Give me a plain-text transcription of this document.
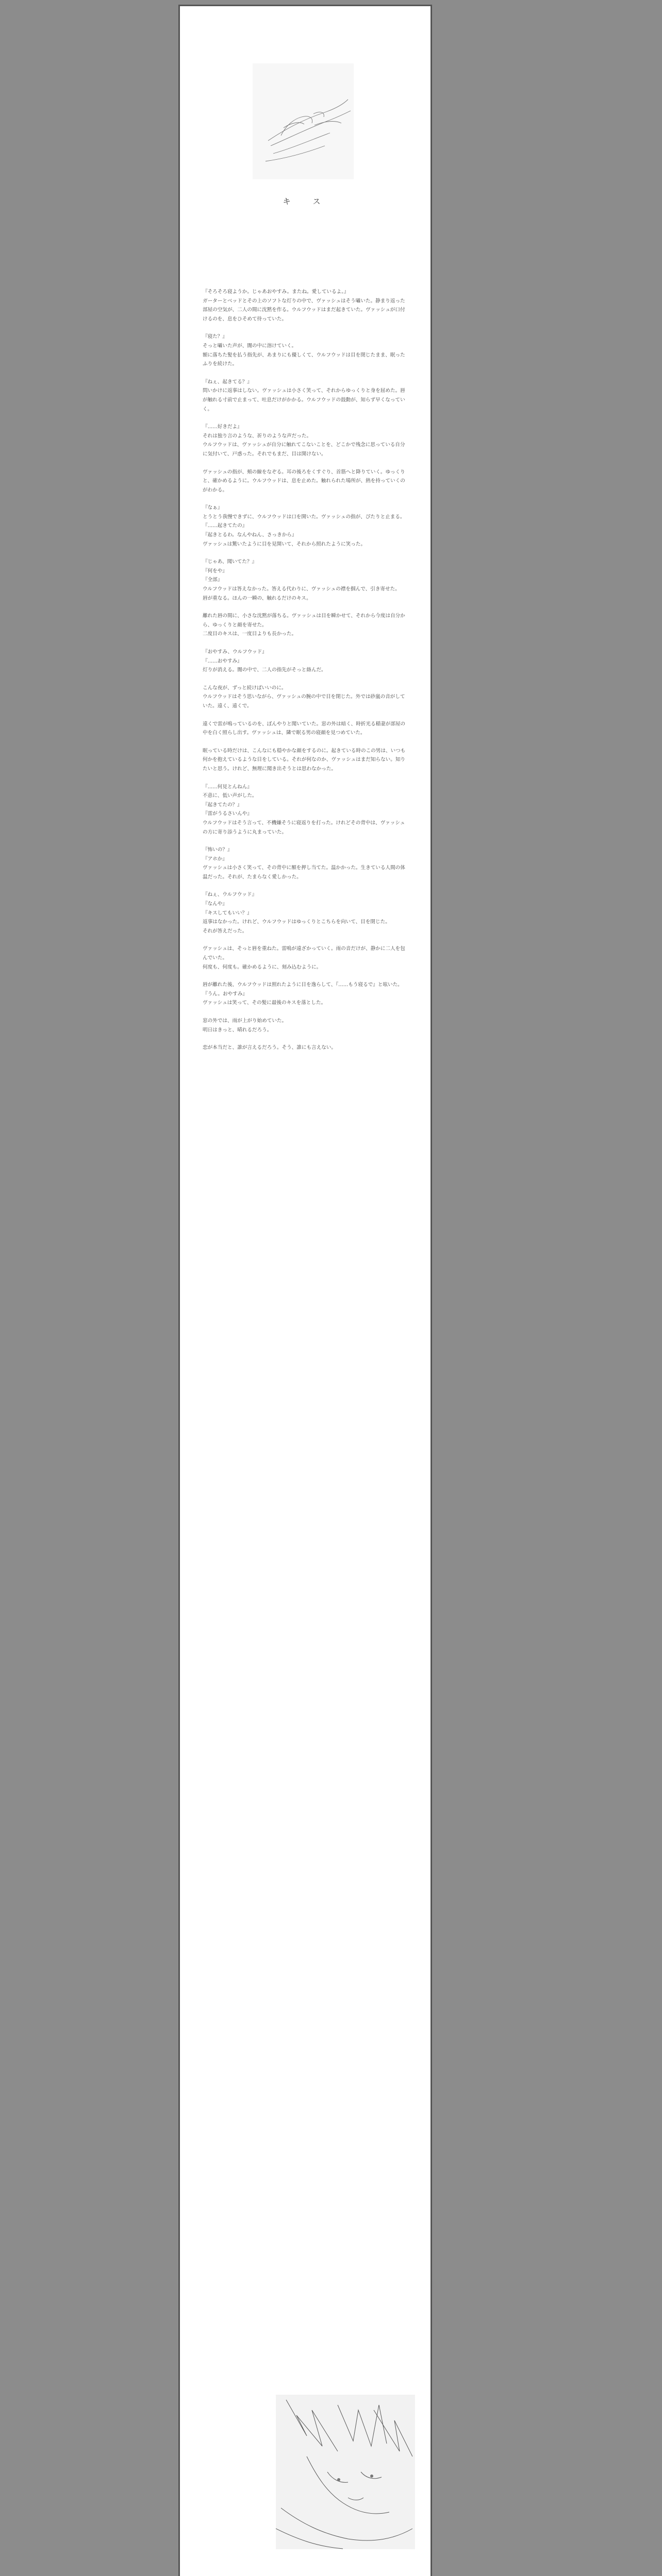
キ　ス

『そろそろ寝ようか。じゃあおやすみ。またね。愛しているよ。』
ガーターとベッドとその上のソフトな灯りの中で、ヴァッシュはそう囁いた。静まり返った部屋の空気が、二人の間に沈黙を作る。ウルフウッドはまだ起きていた。ヴァッシュが口付けるのを、息をひそめて待っていた。

『寝た？』
そっと囁いた声が、闇の中に溶けていく。
額に落ちた髪を払う指先が、あまりにも優しくて、ウルフウッドは目を閉じたまま、眠ったふりを続けた。

『ねぇ、起きてる？』
問いかけに返事はしない。ヴァッシュは小さく笑って、それからゆっくりと身を屈めた。唇が触れる寸前で止まって、吐息だけがかかる。ウルフウッドの鼓動が、知らず早くなっていく。

『……好きだよ』
それは独り言のような、祈りのような声だった。
ウルフウッドは、ヴァッシュが自分に触れてこないことを、どこかで残念に思っている自分に気付いて、戸惑った。それでもまだ、目は開けない。

ヴァッシュの指が、頬の線をなぞる。耳の後ろをくすぐり、首筋へと降りていく。ゆっくりと、確かめるように。ウルフウッドは、息を止めた。触れられた場所が、熱を持っていくのがわかる。

『なぁ』
とうとう我慢できずに、ウルフウッドは口を開いた。ヴァッシュの指が、ぴたりと止まる。
『……起きてたの』
『起きとるわ。なんやねん、さっきから』
ヴァッシュは驚いたように目を見開いて、それから照れたように笑った。

『じゃあ、聞いてた？』
『何をや』
『全部』
ウルフウッドは答えなかった。答える代わりに、ヴァッシュの襟を掴んで、引き寄せた。
唇が重なる。ほんの一瞬の、触れるだけのキス。

離れた唇の間に、小さな沈黙が落ちる。ヴァッシュは目を瞬かせて、それから今度は自分から、ゆっくりと顔を寄せた。
二度目のキスは、一度目よりも長かった。

『おやすみ、ウルフウッド』
『……おやすみ』
灯りが消える。闇の中で、二人の指先がそっと絡んだ。

こんな夜が、ずっと続けばいいのに。
ウルフウッドはそう思いながら、ヴァッシュの腕の中で目を閉じた。外では砂嵐の音がしていた。遠く、遠くで。

遠くで雷が鳴っているのを、ぼんやりと聞いていた。窓の外は暗く、時折光る稲妻が部屋の中を白く照らし出す。ヴァッシュは、隣で眠る男の寝顔を見つめていた。

眠っている時だけは、こんなにも穏やかな顔をするのに。起きている時のこの男は、いつも何かを抱えているような目をしている。それが何なのか、ヴァッシュはまだ知らない。知りたいと思う。けれど、無理に聞き出そうとは思わなかった。

『……何見とんねん』
不意に、低い声がした。
『起きてたの？』
『雷がうるさいんや』
ウルフウッドはそう言って、不機嫌そうに寝返りを打った。けれどその背中は、ヴァッシュの方に寄り添うように丸まっていた。

『怖いの？』
『アホか』
ヴァッシュは小さく笑って、その背中に額を押し当てた。温かかった。生きている人間の体温だった。それが、たまらなく愛しかった。

『ねぇ、ウルフウッド』
『なんや』
『キスしてもいい？』
返事はなかった。けれど、ウルフウッドはゆっくりとこちらを向いて、目を閉じた。
それが答えだった。

ヴァッシュは、そっと唇を重ねた。雷鳴が遠ざかっていく。雨の音だけが、静かに二人を包んでいた。
何度も、何度も。確かめるように、刻み込むように。

唇が離れた後、ウルフウッドは照れたように目を逸らして、『……もう寝るで』と呟いた。
『うん。おやすみ』
ヴァッシュは笑って、その髪に最後のキスを落とした。

窓の外では、雨が上がり始めていた。
明日はきっと、晴れるだろう。

恋が本当だと、誰が言えるだろう。そう、誰にも言えない。
